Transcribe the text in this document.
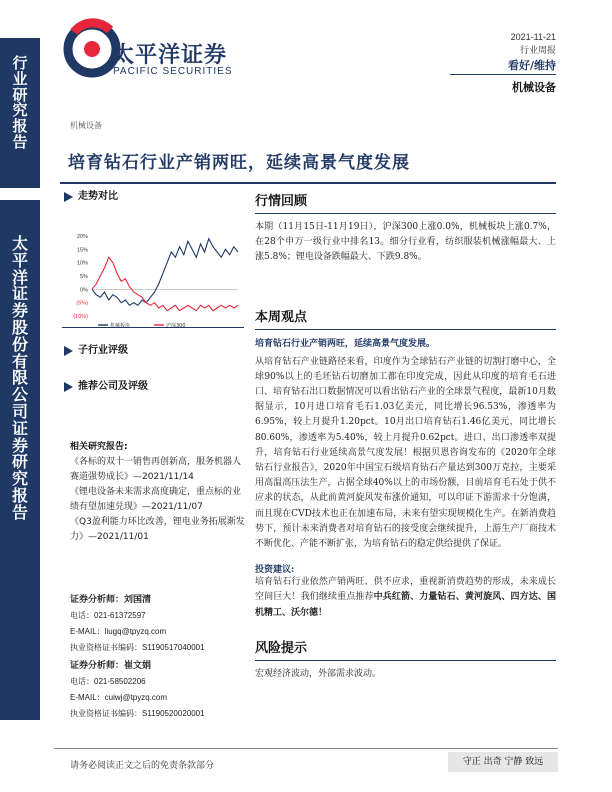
行
业
研
究
报
告
太
平
洋
证
券
股
份
有
限
公
司
证
券
研
究
报
告
太平洋证券
PACIFIC SECURITIES
2021-11-21
行业周报
看好/维持
机械设备
机械设备
培育钻石行业产销两旺，延续高景气度发展
走势对比
20%
15%
10%
5%
0%
(5%)
(10%)
机械板块	沪深300
子行业评级
推荐公司及评级
相关研究报告:
《各标的双十一销售再创新高，服务机器人赛道强势成长》—2021/11/14
《锂电设备未来需求高度确定，重点标的业绩有望加速兑现》—2021/11/07
《Q3盈利能力环比改善，锂电业务拓展渐发力》—2021/11/01
证券分析师：刘国清
电话：021-61372597
E-MAIL：liugq@tpyzq.com
执业资格证书编码：S1190517040001
证券分析师：崔文娟
电话：021-58502206
E-MAIL：cuiwj@tpyzq.com
执业资格证书编码：S1190520020001
行情回顾
本期（11月15日-11月19日），沪深300上涨0.0%，机械板块上涨0.7%，在28个申万一级行业中排名13。细分行业看，纺织服装机械涨幅最大、上涨5.8%；锂电设备跌幅最大、下跌9.8%。
本周观点
培育钻石行业产销两旺，延续高景气度发展。
从培育钻石产业链路径来看，印度作为全球钻石产业链的切割打磨中心，全球90%以上的毛坯钻石切磨加工都在印度完成，因此从印度的培育毛石进口、培育钻石出口数据情况可以看出钻石产业的全球景气程度，最新10月数据显示，10月进口培育毛石1.03亿美元，同比增长96.53%，渗透率为6.95%，较上月提升1.20pct。10月出口培育钻石1.46亿美元，同比增长80.60%，渗透率为5.40%，较上月提升0.62pct。进口、出口渗透率双提升，培育钻石行业延续高景气度发展！根据贝恩咨询发布的《2020年全球钻石行业报告》，2020年中国宝石级培育钻石产量达到300万克拉，主要采用高温高压法生产，占据全球40%以上的市场份额，目前培育毛石处于供不应求的状态，从此前黄河旋风发布涨价通知，可以印证下游需求十分饱满，而且现在CVD技术也正在加速布局，未来有望实现规模化生产。在新消费趋势下，预计未来消费者对培育钻石的接受度会继续提升，上游生产厂商技术不断优化、产能不断扩张，为培育钻石的稳定供给提供了保证。
投资建议:
培育钻石行业依然产销两旺、供不应求，重视新消费趋势的形成，未来成长空间巨大！我们继续重点推荐中兵红箭、力量钻石、黄河旋风、四方达、国机精工、沃尔德！
风险提示
宏观经济波动，外部需求波动。
请务必阅读正文之后的免责条款部分	守正 出奇 宁静 致远
